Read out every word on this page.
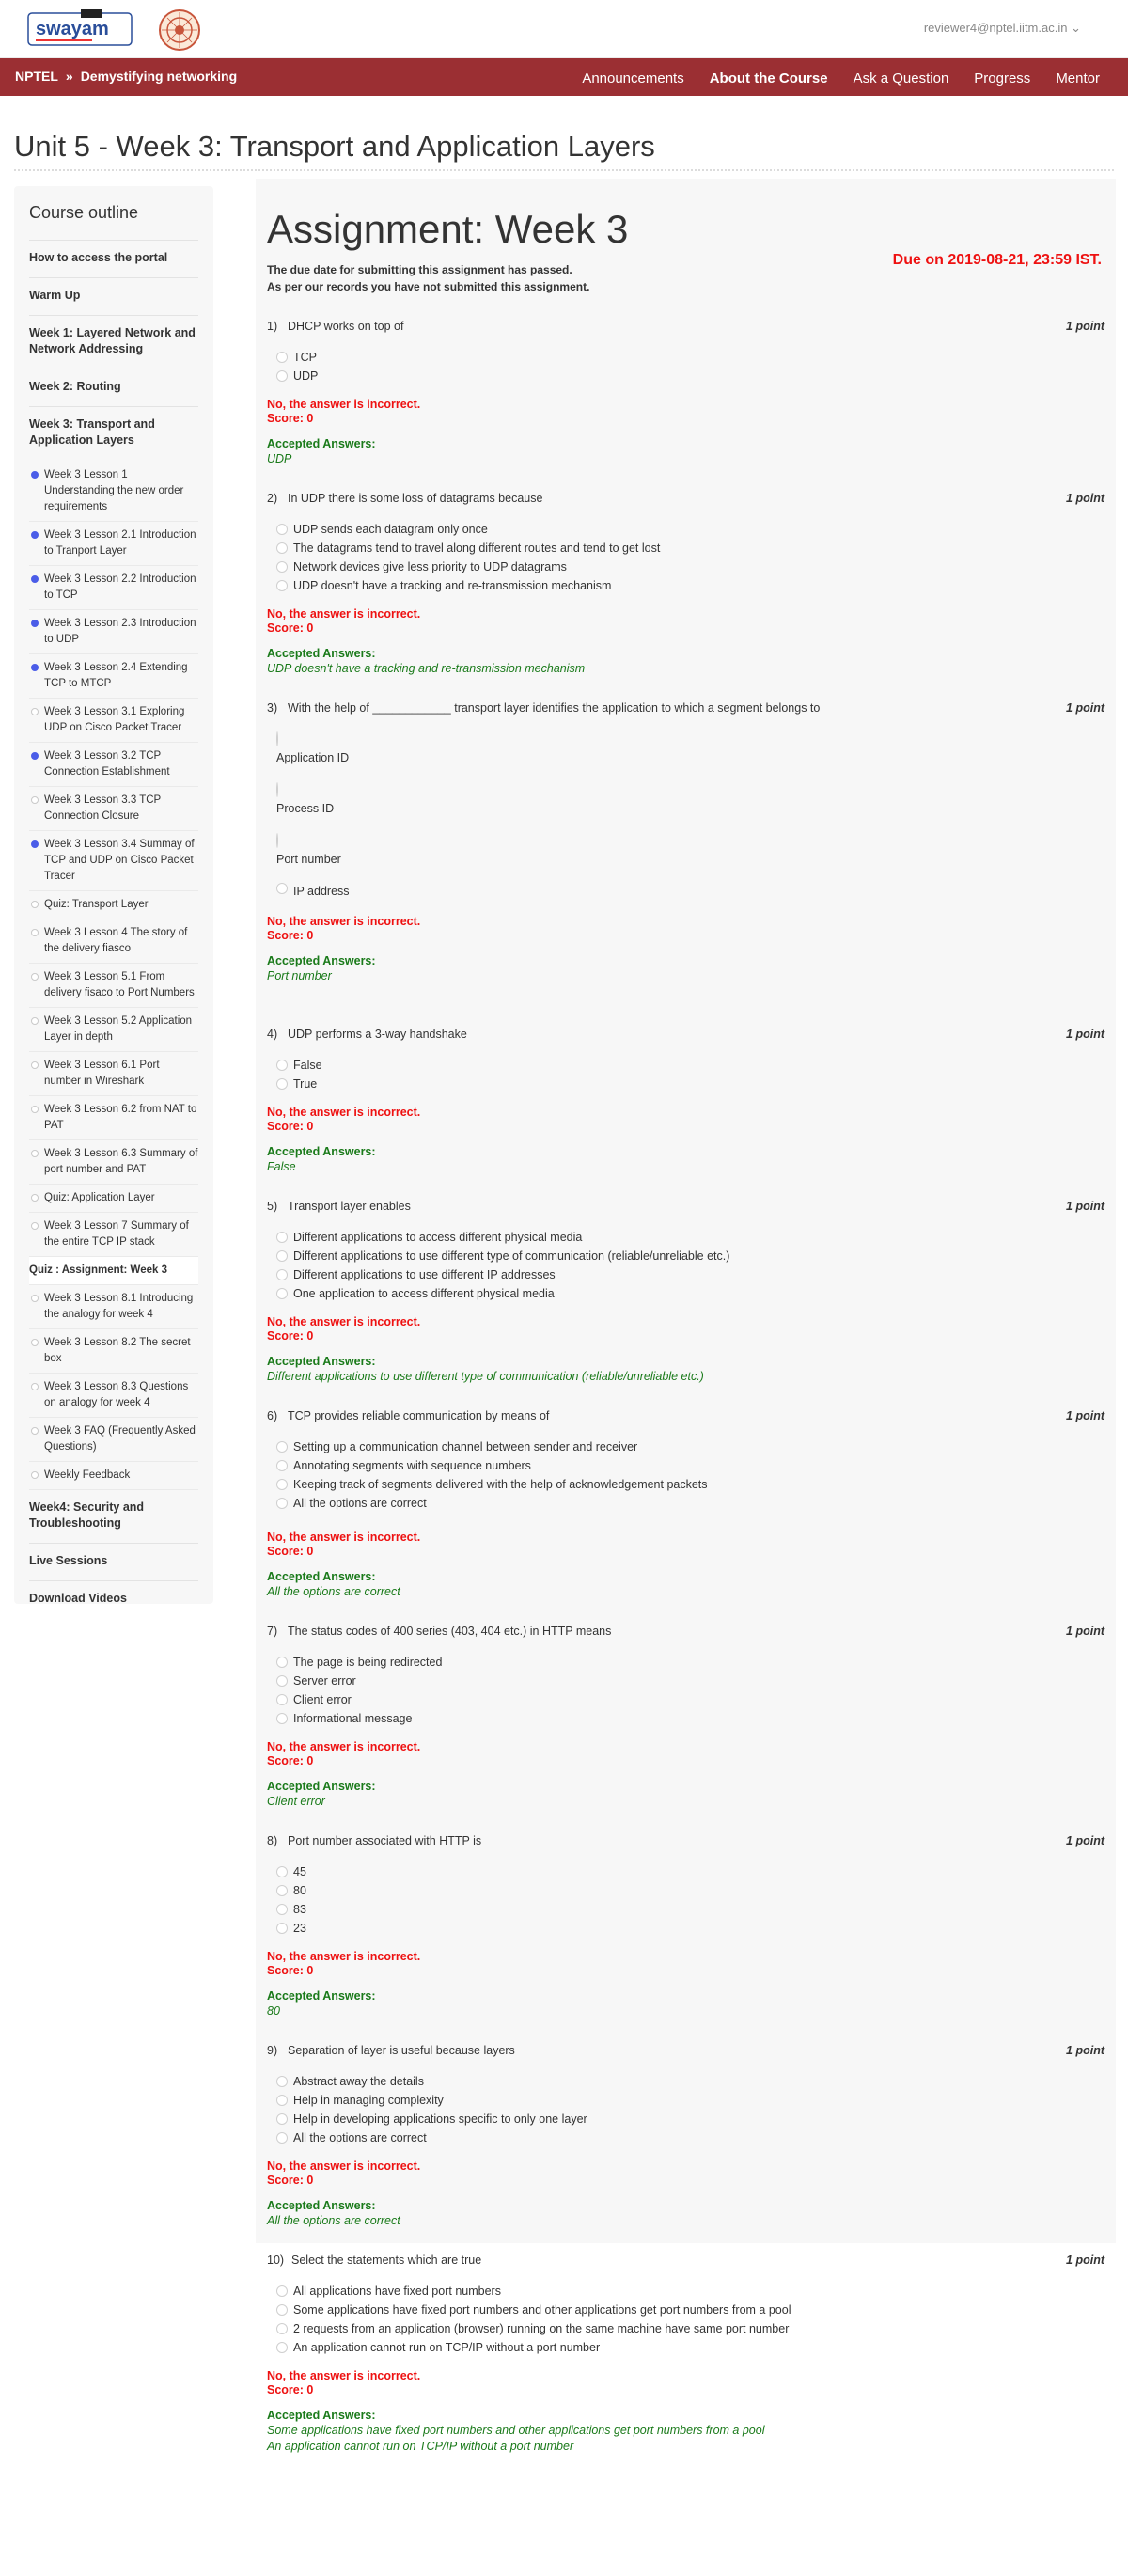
swayam	reviewer4@nptel.iitm.ac.in ⌄
NPTEL » Demystifying networking	Announcements About the Course Ask a Question Progress Mentor
Unit 5 - Week 3: Transport and Application Layers
Course outline
How to access the portal
Warm Up
Week 1: Layered Network and Network Addressing
Week 2: Routing
Week 3: Transport and Application Layers
Week 3 Lesson 1 Understanding the new order requirements
Week 3 Lesson 2.1 Introduction to Tranport Layer
Week 3 Lesson 2.2 Introduction to TCP
Week 3 Lesson 2.3 Introduction to UDP
Week 3 Lesson 2.4 Extending TCP to MTCP
Week 3 Lesson 3.1 Exploring UDP on Cisco Packet Tracer
Week 3 Lesson 3.2 TCP Connection Establishment
Week 3 Lesson 3.3 TCP Connection Closure
Week 3 Lesson 3.4 Summay of TCP and UDP on Cisco Packet Tracer
Quiz: Transport Layer
Week 3 Lesson 4 The story of the delivery fiasco
Week 3 Lesson 5.1 From delivery fisaco to Port Numbers
Week 3 Lesson 5.2 Application Layer in depth
Week 3 Lesson 6.1 Port number in Wireshark
Week 3 Lesson 6.2 from NAT to PAT
Week 3 Lesson 6.3 Summary of port number and PAT
Quiz: Application Layer
Week 3 Lesson 7 Summary of the entire TCP IP stack
Quiz : Assignment: Week 3
Week 3 Lesson 8.1 Introducing the analogy for week 4
Week 3 Lesson 8.2 The secret box
Week 3 Lesson 8.3 Questions on analogy for week 4
Week 3 FAQ (Frequently Asked Questions)
Weekly Feedback
Week4: Security and Troubleshooting
Live Sessions
Download Videos
Assignment: Week 3
The due date for submitting this assignment has passed.
As per our records you have not submitted this assignment.
Due on 2019-08-21, 23:59 IST.
1) DHCP works on top of	1 point
TCP
UDP
No, the answer is incorrect.
Score: 0
Accepted Answers:
UDP
2) In UDP there is some loss of datagrams because	1 point
UDP sends each datagram only once
The datagrams tend to travel along different routes and tend to get lost
Network devices give less priority to UDP datagrams
UDP doesn't have a tracking and re-transmission mechanism
No, the answer is incorrect.
Score: 0
Accepted Answers:
UDP doesn't have a tracking and re-transmission mechanism
3) With the help of ____________ transport layer identifies the application to which a segment belongs to	1 point
Application ID
Process ID
Port number
IP address
No, the answer is incorrect.
Score: 0
Accepted Answers:
Port number
4) UDP performs a 3-way handshake	1 point
False
True
No, the answer is incorrect.
Score: 0
Accepted Answers:
False
5) Transport layer enables	1 point
Different applications to access different physical media
Different applications to use different type of communication (reliable/unreliable etc.)
Different applications to use different IP addresses
One application to access different physical media
No, the answer is incorrect.
Score: 0
Accepted Answers:
Different applications to use different type of communication (reliable/unreliable etc.)
6) TCP provides reliable communication by means of	1 point
Setting up a communication channel between sender and receiver
Annotating segments with sequence numbers
Keeping track of segments delivered with the help of acknowledgement packets
All the options are correct
No, the answer is incorrect.
Score: 0
Accepted Answers:
All the options are correct
7) The status codes of 400 series (403, 404 etc.) in HTTP means	1 point
The page is being redirected
Server error
Client error
Informational message
No, the answer is incorrect.
Score: 0
Accepted Answers:
Client error
8) Port number associated with HTTP is	1 point
45
80
83
23
No, the answer is incorrect.
Score: 0
Accepted Answers:
80
9) Separation of layer is useful because layers	1 point
Abstract away the details
Help in managing complexity
Help in developing applications specific to only one layer
All the options are correct
No, the answer is incorrect.
Score: 0
Accepted Answers:
All the options are correct
10) Select the statements which are true	1 point
All applications have fixed port numbers
Some applications have fixed port numbers and other applications get port numbers from a pool
2 requests from an application (browser) running on the same machine have same port number
An application cannot run on TCP/IP without a port number
No, the answer is incorrect.
Score: 0
Accepted Answers:
Some applications have fixed port numbers and other applications get port numbers from a pool
An application cannot run on TCP/IP without a port number
